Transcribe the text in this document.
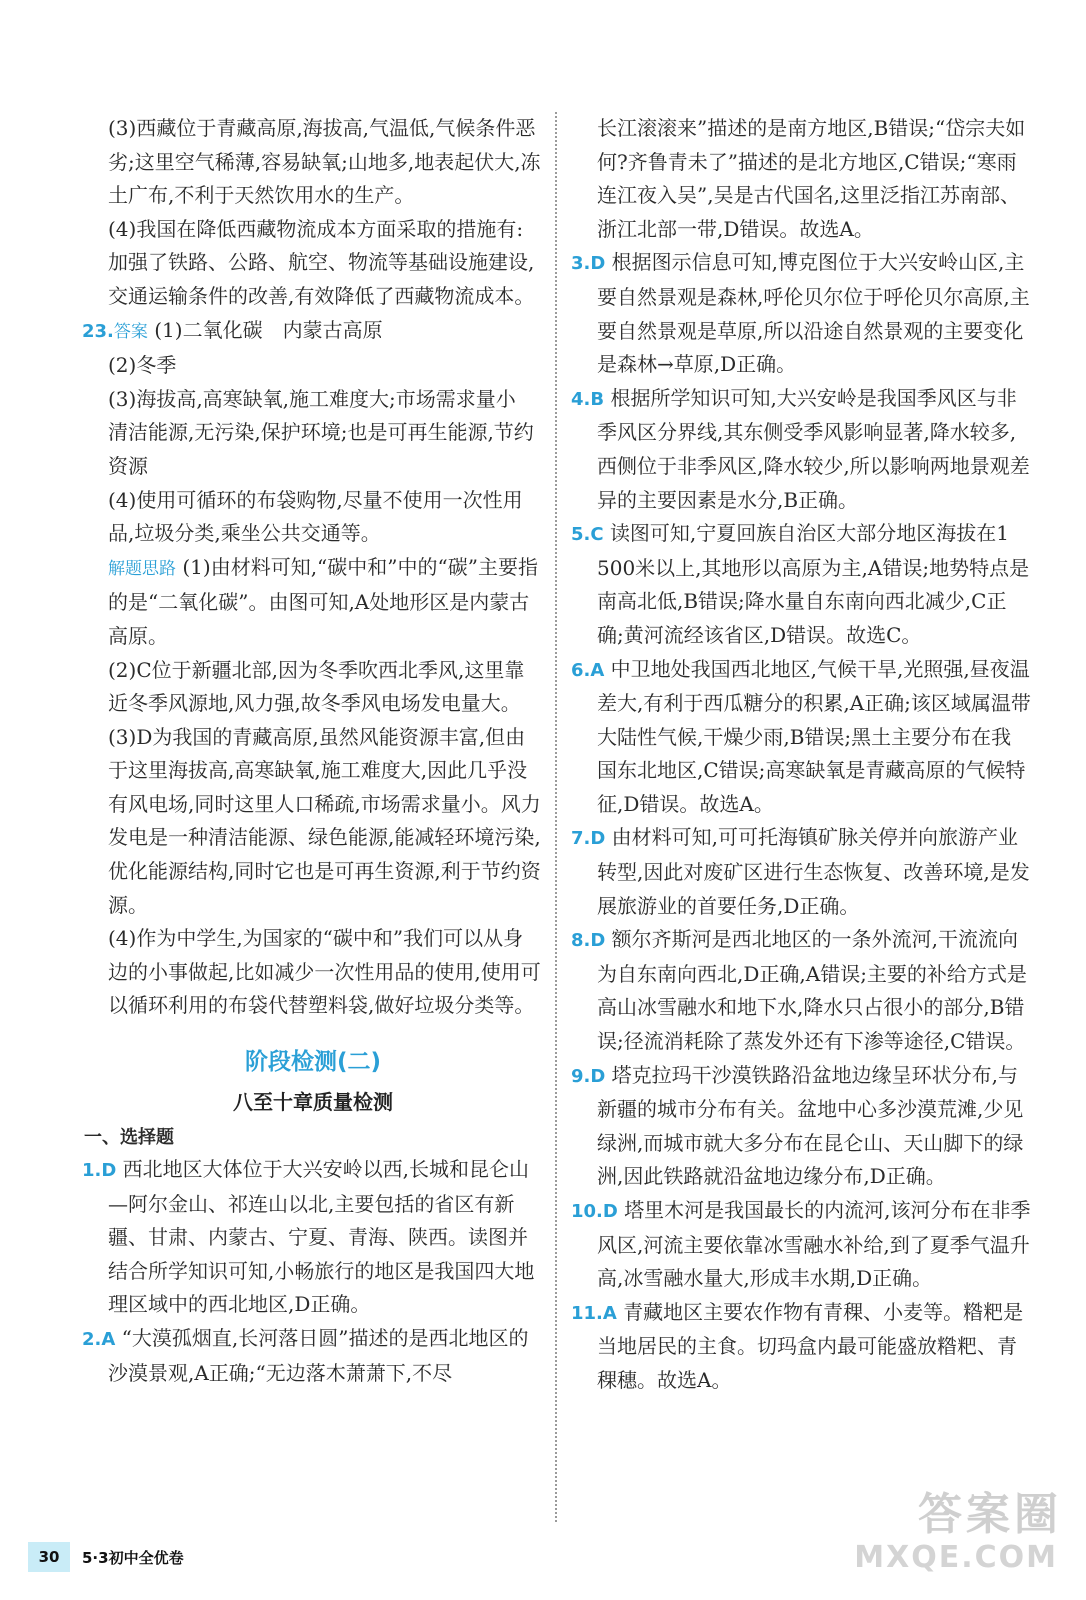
(3)西藏位于青藏高原,海拔高,气温低,气候条件恶劣;这里空气稀薄,容易缺氧;山地多,地表起伏大,冻土广布,不利于天然饮用水的生产。

(4)我国在降低西藏物流成本方面采取的措施有:加强了铁路、公路、航空、物流等基础设施建设,交通运输条件的改善,有效降低了西藏物流成本。

23.答案 (1)二氧化碳　内蒙古高原

(2)冬季

(3)海拔高,高寒缺氧,施工难度大;市场需求量小　清洁能源,无污染,保护环境;也是可再生能源,节约资源

(4)使用可循环的布袋购物,尽量不使用一次性用品,垃圾分类,乘坐公共交通等。

解题思路 (1)由材料可知,“碳中和”中的“碳”主要指的是“二氧化碳”。由图可知,A处地形区是内蒙古高原。

(2)C位于新疆北部,因为冬季吹西北季风,这里靠近冬季风源地,风力强,故冬季风电场发电量大。

(3)D为我国的青藏高原,虽然风能资源丰富,但由于这里海拔高,高寒缺氧,施工难度大,因此几乎没有风电场,同时这里人口稀疏,市场需求量小。风力发电是一种清洁能源、绿色能源,能减轻环境污染,优化能源结构,同时它也是可再生资源,利于节约资源。

(4)作为中学生,为国家的“碳中和”我们可以从身边的小事做起,比如减少一次性用品的使用,使用可以循环利用的布袋代替塑料袋,做好垃圾分类等。

阶段检测(二)
八至十章质量检测

一、选择题

1.D 西北地区大体位于大兴安岭以西,长城和昆仑山—阿尔金山、祁连山以北,主要包括的省区有新疆、甘肃、内蒙古、宁夏、青海、陕西。读图并结合所学知识可知,小畅旅行的地区是我国四大地理区域中的西北地区,D正确。

2.A “大漠孤烟直,长河落日圆”描述的是西北地区的沙漠景观,A正确;“无边落木萧萧下,不尽

长江滚滚来”描述的是南方地区,B错误;“岱宗夫如何?齐鲁青未了”描述的是北方地区,C错误;“寒雨连江夜入吴”,吴是古代国名,这里泛指江苏南部、浙江北部一带,D错误。故选A。

3.D 根据图示信息可知,博克图位于大兴安岭山区,主要自然景观是森林,呼伦贝尔位于呼伦贝尔高原,主要自然景观是草原,所以沿途自然景观的主要变化是森林→草原,D正确。

4.B 根据所学知识可知,大兴安岭是我国季风区与非季风区分界线,其东侧受季风影响显著,降水较多,西侧位于非季风区,降水较少,所以影响两地景观差异的主要因素是水分,B正确。

5.C 读图可知,宁夏回族自治区大部分地区海拔在1 500米以上,其地形以高原为主,A错误;地势特点是南高北低,B错误;降水量自东南向西北减少,C正确;黄河流经该省区,D错误。故选C。

6.A 中卫地处我国西北地区,气候干旱,光照强,昼夜温差大,有利于西瓜糖分的积累,A正确;该区域属温带大陆性气候,干燥少雨,B错误;黑土主要分布在我国东北地区,C错误;高寒缺氧是青藏高原的气候特征,D错误。故选A。

7.D 由材料可知,可可托海镇矿脉关停并向旅游产业转型,因此对废矿区进行生态恢复、改善环境,是发展旅游业的首要任务,D正确。

8.D 额尔齐斯河是西北地区的一条外流河,干流流向为自东南向西北,D正确,A错误;主要的补给方式是高山冰雪融水和地下水,降水只占很小的部分,B错误;径流消耗除了蒸发外还有下渗等途径,C错误。

9.D 塔克拉玛干沙漠铁路沿盆地边缘呈环状分布,与新疆的城市分布有关。盆地中心多沙漠荒滩,少见绿洲,而城市就大多分布在昆仑山、天山脚下的绿洲,因此铁路就沿盆地边缘分布,D正确。

10.D 塔里木河是我国最长的内流河,该河分布在非季风区,河流主要依靠冰雪融水补给,到了夏季气温升高,冰雪融水量大,形成丰水期,D正确。

11.A 青藏地区主要农作物有青稞、小麦等。糌粑是当地居民的主食。切玛盒内最可能盛放糌粑、青稞穗。故选A。

30	5·3初中全优卷
答案圈
MXQE.COM
